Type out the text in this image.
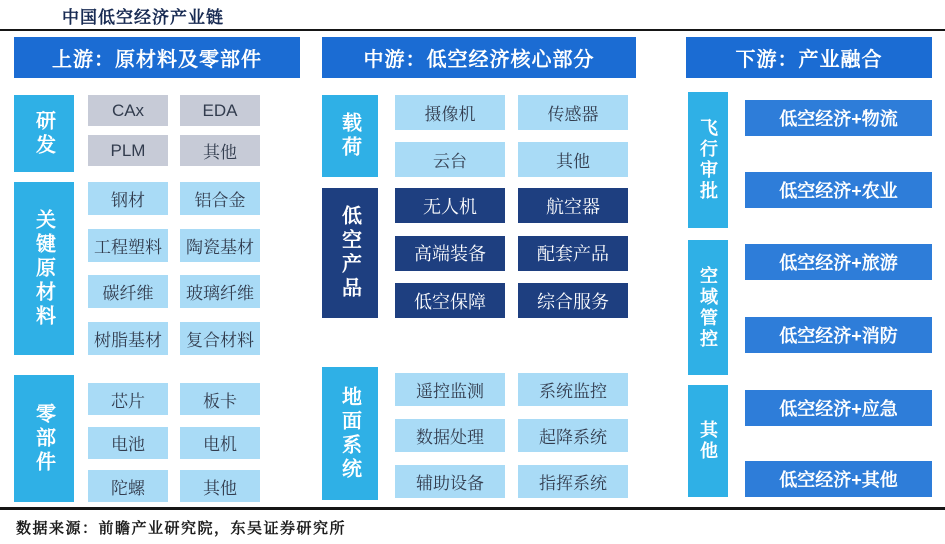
中国低空经济产业链
上游：原材料及零部件
研发	CAx	EDA
PLM	其他
关键原材料
钢材	铝合金
工程塑料	陶瓷基材
碳纤维	玻璃纤维
树脂基材	复合材料
零部件
芯片	板卡
电池	电机
陀螺	其他
中游：低空经济核心部分
载荷	摄像机	传感器
云台	其他
低空产品	无人机	航空器
高端装备	配套产品
低空保障	综合服务
地面系统	遥控监测	系统监控
数据处理	起降系统
辅助设备	指挥系统
下游：产业融合
飞行审批	低空经济+物流
低空经济+农业
空域管控
低空经济+旅游
低空经济+消防
其他
低空经济+应急
低空经济+其他
数据来源：前瞻产业研究院，东吴证券研究所
